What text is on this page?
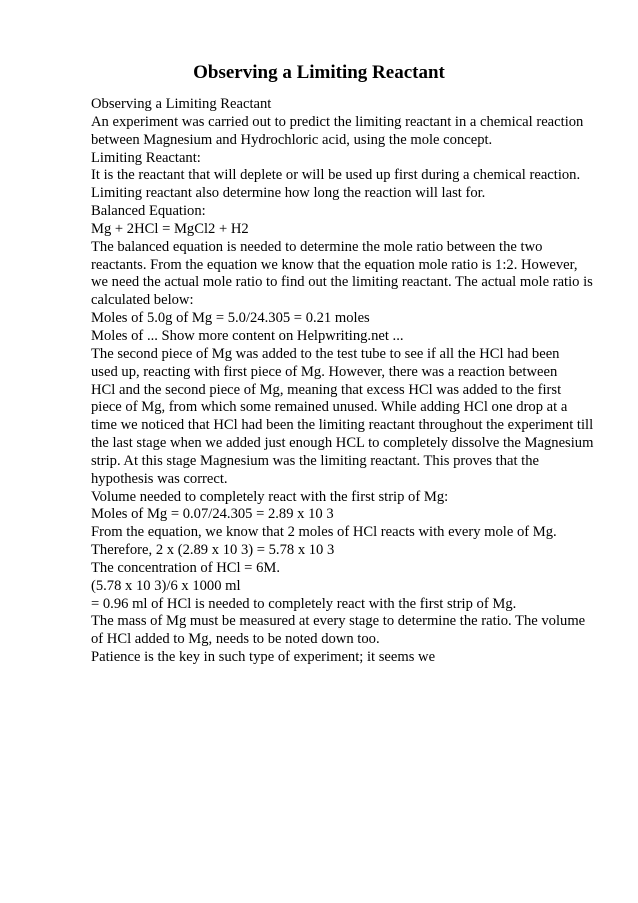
Observing a Limiting Reactant
Observing a Limiting Reactant
An experiment was carried out to predict the limiting reactant in a chemical reaction
between Magnesium and Hydrochloric acid, using the mole concept.
Limiting Reactant:
It is the reactant that will deplete or will be used up first during a chemical reaction.
Limiting reactant also determine how long the reaction will last for.
Balanced Equation:
Mg + 2HCl = MgCl2 + H2
The balanced equation is needed to determine the mole ratio between the two
reactants. From the equation we know that the equation mole ratio is 1:2. However,
we need the actual mole ratio to find out the limiting reactant. The actual mole ratio is
calculated below:
Moles of 5.0g of Mg = 5.0/24.305 = 0.21 moles
Moles of ... Show more content on Helpwriting.net ...
The second piece of Mg was added to the test tube to see if all the HCl had been
used up, reacting with first piece of Mg. However, there was a reaction between
HCl and the second piece of Mg, meaning that excess HCl was added to the first
piece of Mg, from which some remained unused. While adding HCl one drop at a
time we noticed that HCl had been the limiting reactant throughout the experiment till
the last stage when we added just enough HCL to completely dissolve the Magnesium
strip. At this stage Magnesium was the limiting reactant. This proves that the
hypothesis was correct.
Volume needed to completely react with the first strip of Mg:
Moles of Mg = 0.07/24.305 = 2.89 x 10 3
From the equation, we know that 2 moles of HCl reacts with every mole of Mg.
Therefore, 2 x (2.89 x 10 3) = 5.78 x 10 3
The concentration of HCl = 6M.
(5.78 x 10 3)/6 x 1000 ml
= 0.96 ml of HCl is needed to completely react with the first strip of Mg.
The mass of Mg must be measured at every stage to determine the ratio. The volume
of HCl added to Mg, needs to be noted down too.
Patience is the key in such type of experiment; it seems we
